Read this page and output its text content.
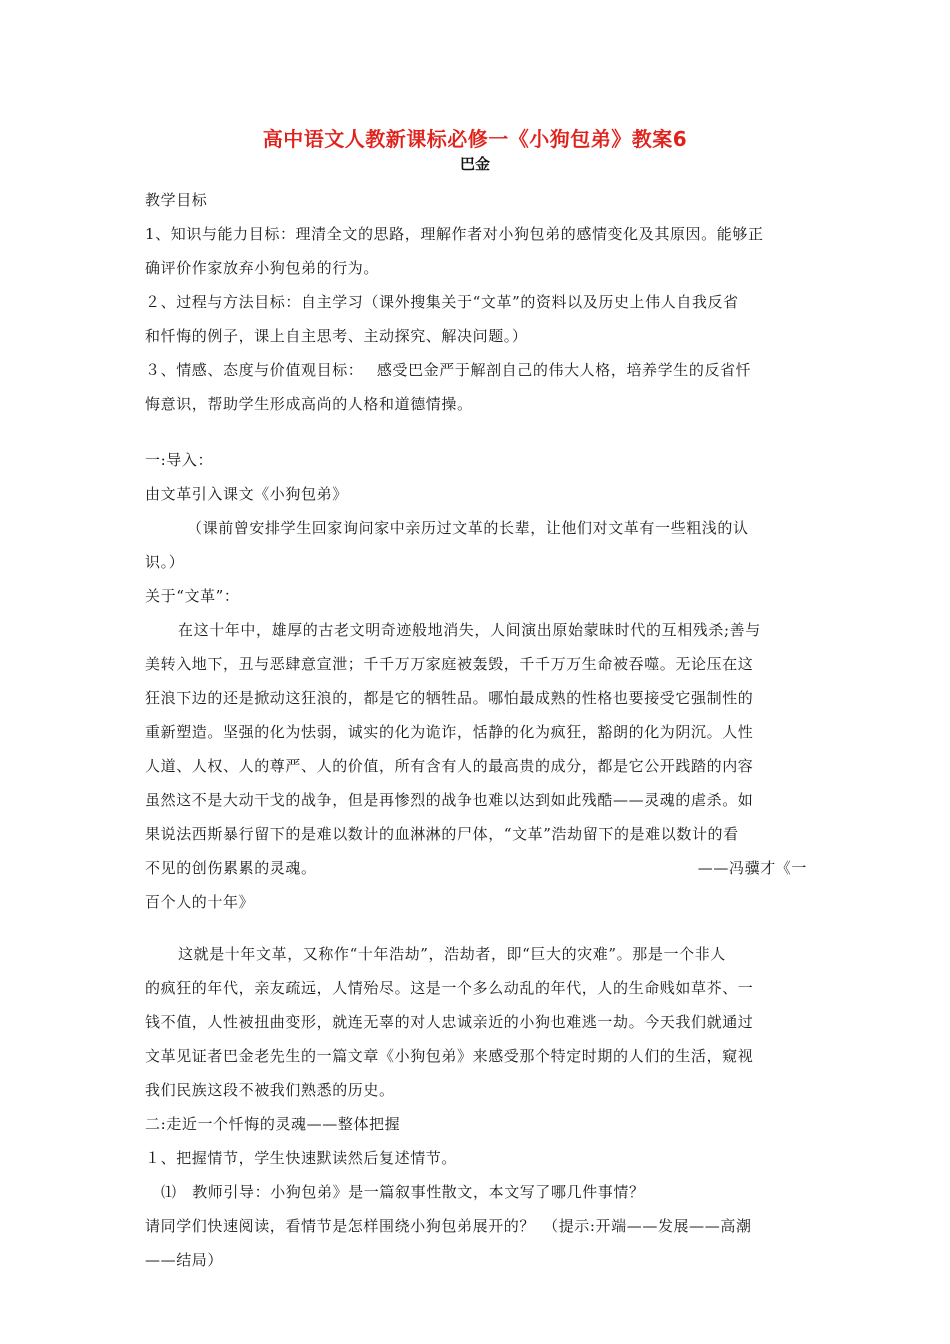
高中语文人教新课标必修一《小狗包弟》教案6
巴金
教学目标
1、知识与能力目标：理清全文的思路，理解作者对小狗包弟的感情变化及其原因。能够正
确评价作家放弃小狗包弟的行为。
２、过程与方法目标：自主学习（课外搜集关于“文革”的资料以及历史上伟人自我反省
和忏悔的例子，课上自主思考、主动探究、解决问题。）
３、情感、态度与价值观目标：　 感受巴金严于解剖自己的伟大人格，培养学生的反省忏
悔意识，帮助学生形成高尚的人格和道德情操。
一:导入：
由文革引入课文《小狗包弟》
（课前曾安排学生回家询问家中亲历过文革的长辈，让他们对文革有一些粗浅的认
识。）
关于“文革”：
在这十年中，雄厚的古老文明奇迹般地消失，人间演出原始蒙昧时代的互相残杀;善与
美转入地下，丑与恶肆意宣泄；千千万万家庭被轰毁，千千万万生命被吞噬。无论压在这
狂浪下边的还是掀动这狂浪的，都是它的牺牲品。哪怕最成熟的性格也要接受它强制性的
重新塑造。坚强的化为怯弱，诚实的化为诡诈，恬静的化为疯狂，豁朗的化为阴沉。人性
人道、人权、人的尊严、人的价值，所有含有人的最高贵的成分，都是它公开践踏的内容
虽然这不是大动干戈的战争，但是再惨烈的战争也难以达到如此残酷——灵魂的虐杀。如
果说法西斯暴行留下的是难以数计的血淋淋的尸体，“文革”浩劫留下的是难以数计的看
不见的创伤累累的灵魂。	——冯骥才《一
百个人的十年》
这就是十年文革，又称作“十年浩劫”，浩劫者，即“巨大的灾难”。那是一个非人
的疯狂的年代，亲友疏远，人情殆尽。这是一个多么动乱的年代，人的生命贱如草芥、一
钱不值，人性被扭曲变形，就连无辜的对人忠诚亲近的小狗也难逃一劫。今天我们就通过
文革见证者巴金老先生的一篇文章《小狗包弟》来感受那个特定时期的人们的生活，窥视
我们民族这段不被我们熟悉的历史。
二:走近一个忏悔的灵魂——整体把握
１、把握情节，学生快速默读然后复述情节。
⑴　教师引导：小狗包弟》是一篇叙事性散文，本文写了哪几件事情？
请同学们快速阅读，看情节是怎样围绕小狗包弟展开的？　（提示:开端——发展——高潮
——结局）
